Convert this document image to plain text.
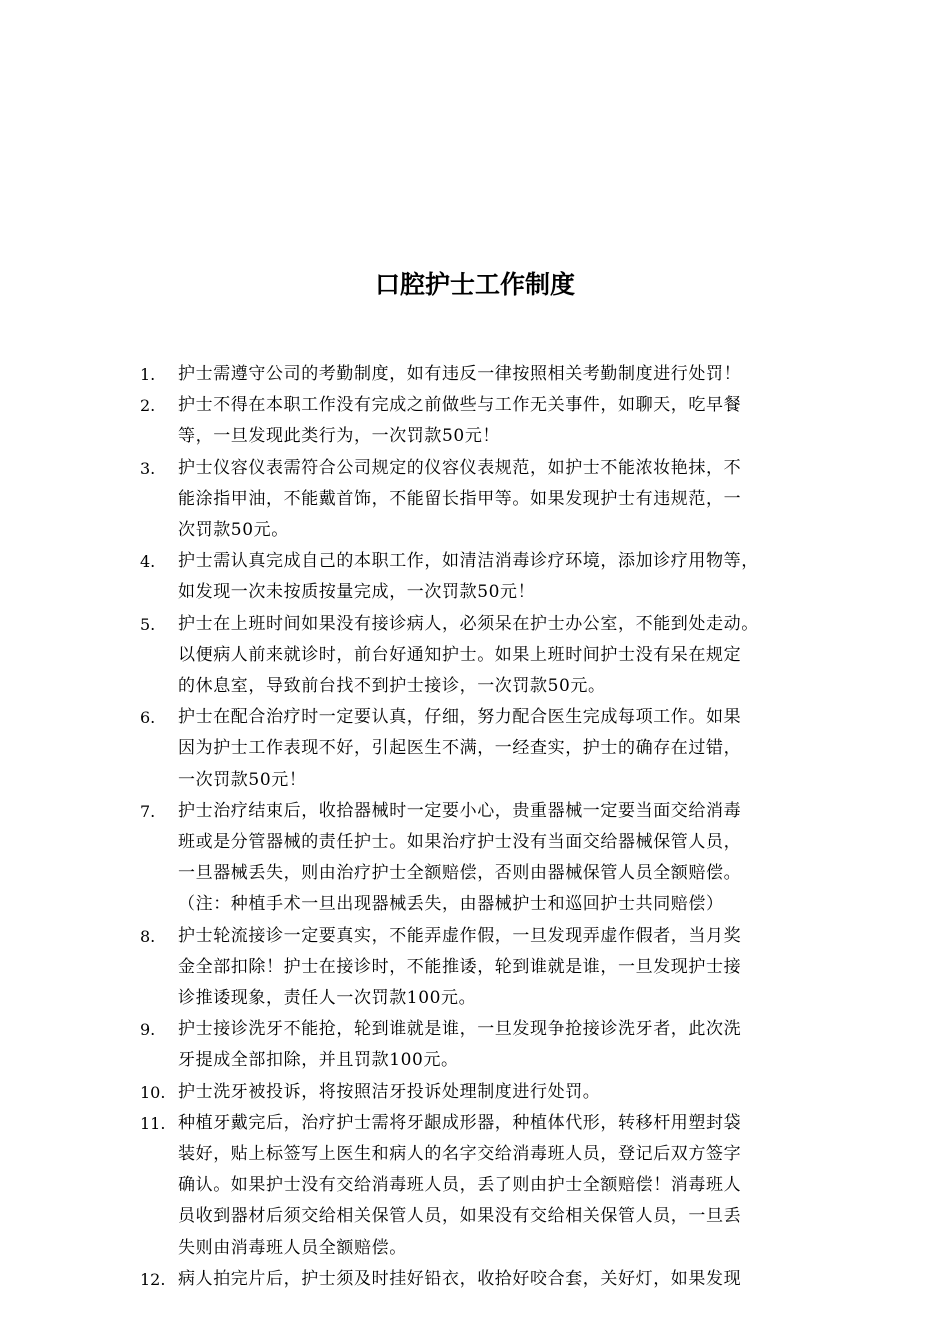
口腔护士工作制度
1.	护士需遵守公司的考勤制度，如有违反一律按照相关考勤制度进行处罚！
2.	护士不得在本职工作没有完成之前做些与工作无关事件，如聊天，吃早餐
等，一旦发现此类行为，一次罚款50元！
3.	护士仪容仪表需符合公司规定的仪容仪表规范，如护士不能浓妆艳抹，不
能涂指甲油，不能戴首饰，不能留长指甲等。如果发现护士有违规范，一
次罚款50元。
4.	护士需认真完成自己的本职工作，如清洁消毒诊疗环境，添加诊疗用物等，
如发现一次未按质按量完成，一次罚款50元！
5.	护士在上班时间如果没有接诊病人，必须呆在护士办公室，不能到处走动。
以便病人前来就诊时，前台好通知护士。如果上班时间护士没有呆在规定
的休息室，导致前台找不到护士接诊，一次罚款50元。
6.	护士在配合治疗时一定要认真，仔细，努力配合医生完成每项工作。如果
因为护士工作表现不好，引起医生不满，一经查实，护士的确存在过错，
一次罚款50元！
7.	护士治疗结束后，收拾器械时一定要小心，贵重器械一定要当面交给消毒
班或是分管器械的责任护士。如果治疗护士没有当面交给器械保管人员，
一旦器械丢失，则由治疗护士全额赔偿，否则由器械保管人员全额赔偿。
（注：种植手术一旦出现器械丢失，由器械护士和巡回护士共同赔偿）
8.	护士轮流接诊一定要真实，不能弄虚作假，一旦发现弄虚作假者，当月奖
金全部扣除！护士在接诊时，不能推诿，轮到谁就是谁，一旦发现护士接
诊推诿现象，责任人一次罚款100元。
9.	护士接诊洗牙不能抢，轮到谁就是谁，一旦发现争抢接诊洗牙者，此次洗
牙提成全部扣除，并且罚款100元。
10. 护士洗牙被投诉，将按照洁牙投诉处理制度进行处罚。
11. 种植牙戴完后，治疗护士需将牙龈成形器，种植体代形，转移杆用塑封袋
装好，贴上标签写上医生和病人的名字交给消毒班人员，登记后双方签字
确认。如果护士没有交给消毒班人员，丢了则由护士全额赔偿！消毒班人
员收到器材后须交给相关保管人员，如果没有交给相关保管人员，一旦丢
失则由消毒班人员全额赔偿。
12. 病人拍完片后，护士须及时挂好铅衣，收拾好咬合套，关好灯，如果发现
